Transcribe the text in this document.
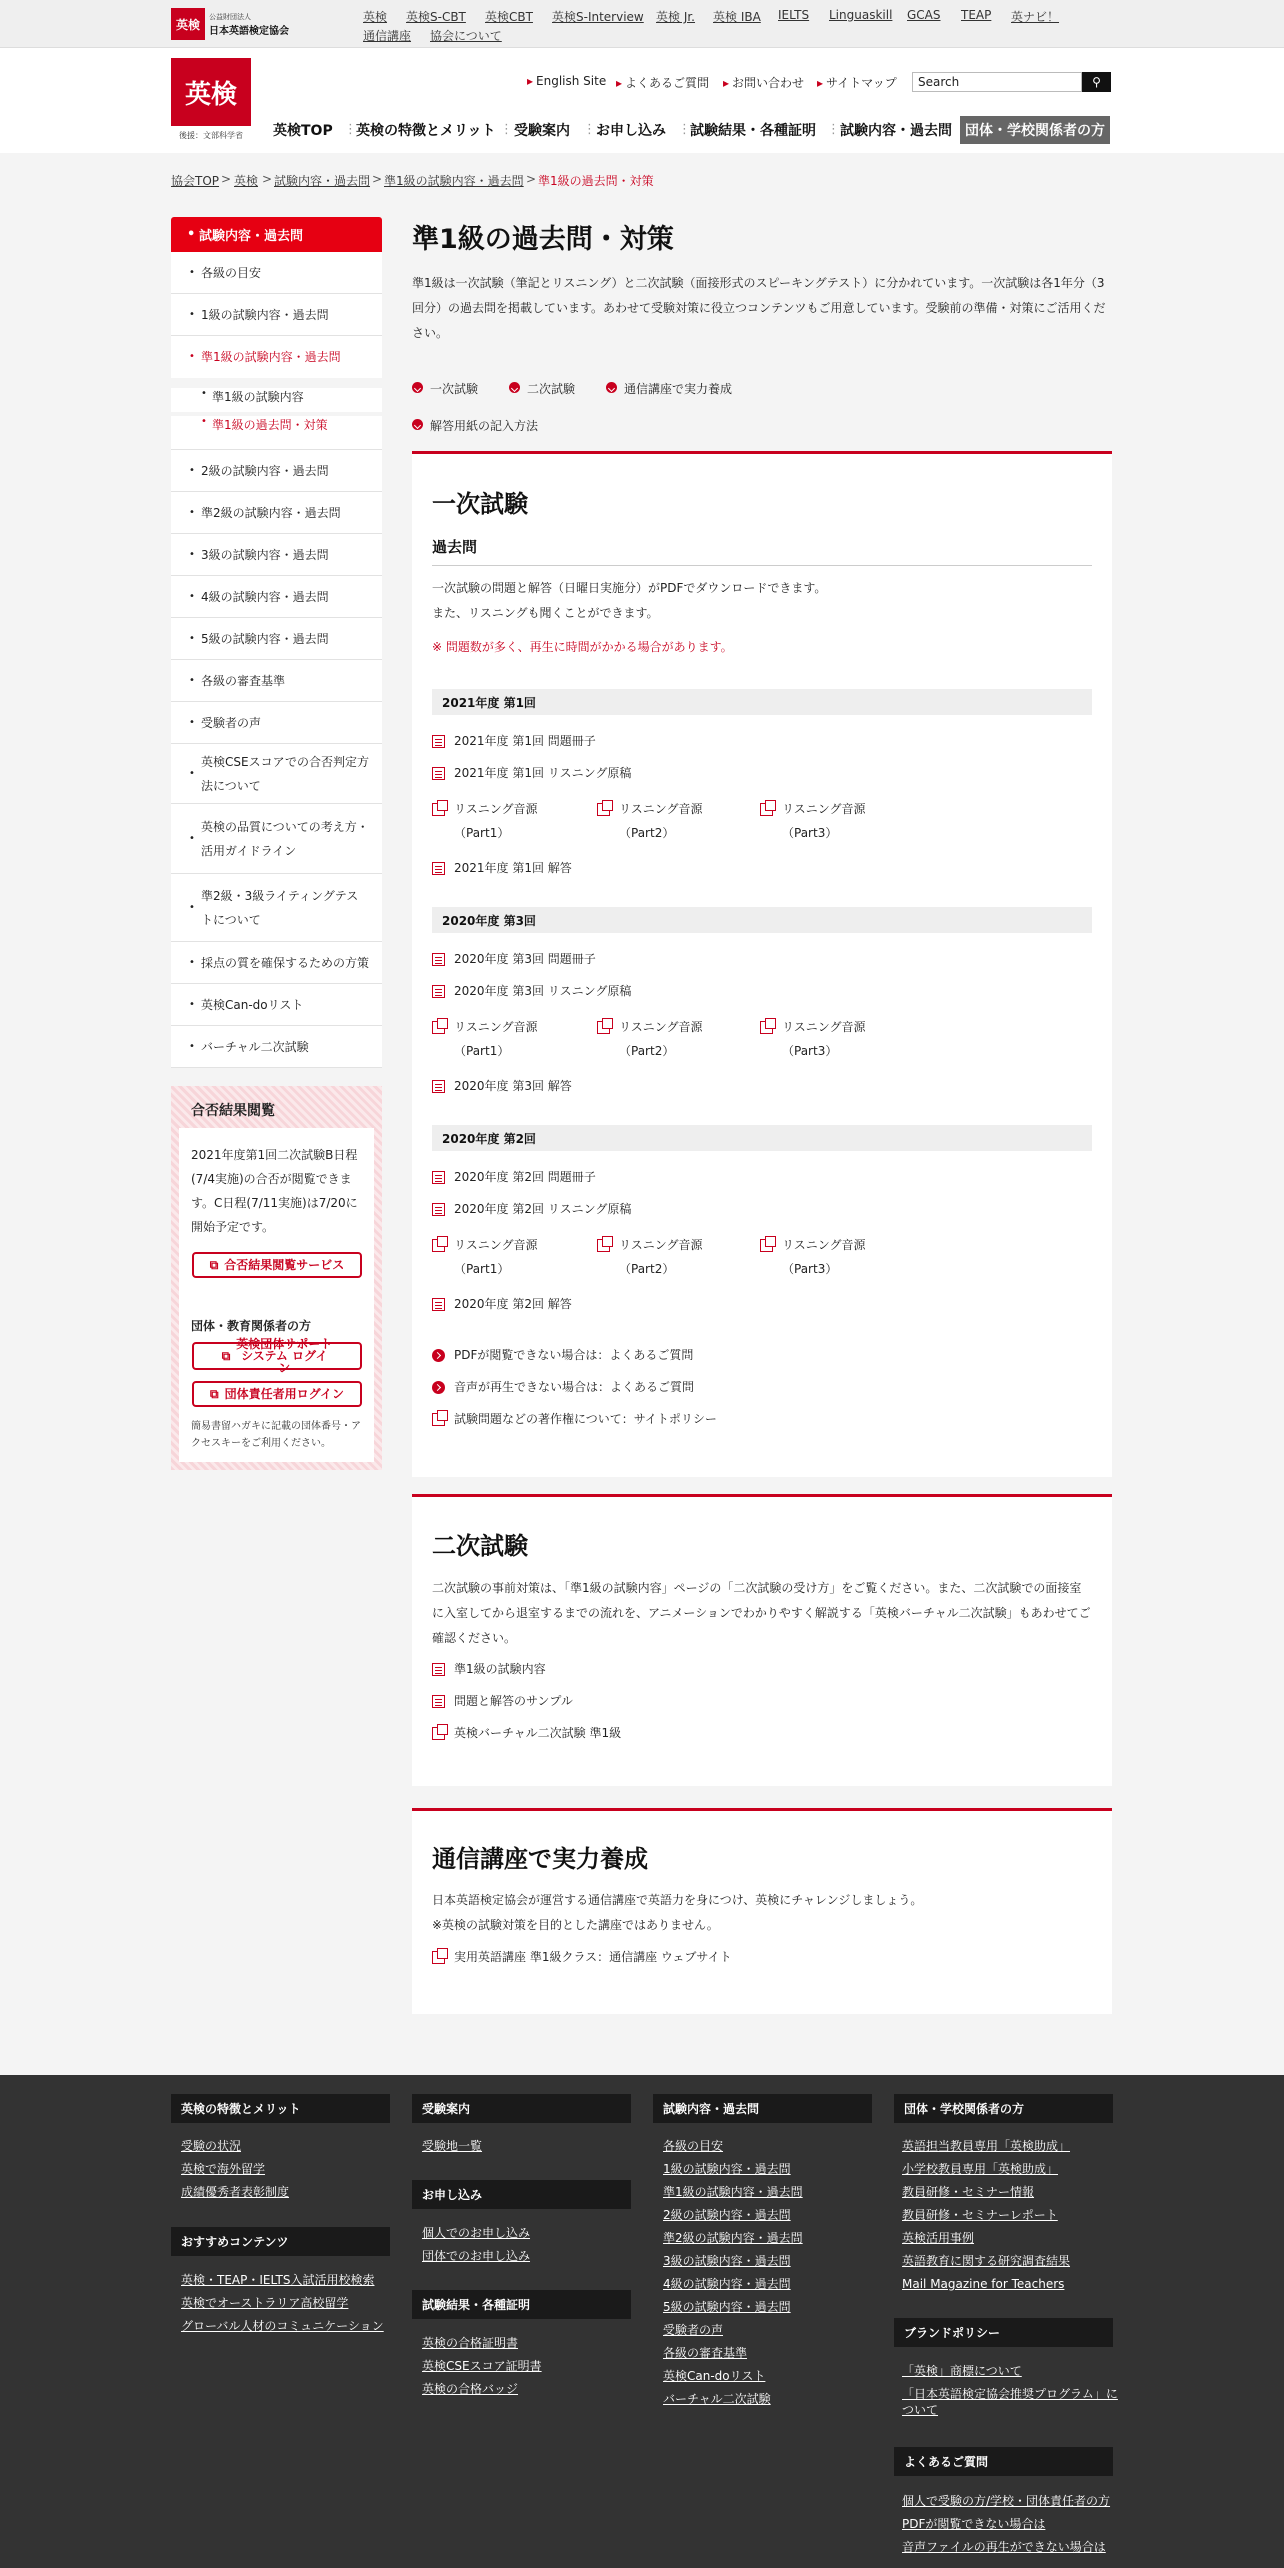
英検
公益財団法人
日本英語検定協会
英検 英検S-CBT 英検CBT 英検S-Interview 英検 Jr. 英検 IBA IELTS Linguaskill GCAS TEAP 英ナビ！
通信講座 協会について
英検
後援：文部科学省
▸ English Site	▸ よくあるご質問	▸ お問い合わせ	▸ サイトマップ	Search	⚲
英検TOP ⋮ 英検の特徴とメリット ⋮ 受験案内 ⋮ お申し込み ⋮ 試験結果・各種証明 ⋮ 試験内容・過去問 団体・学校関係者の方
協会TOP > 英検 > 試験内容・過去問 > 準1級の試験内容・過去問 > 準1級の過去問・対策
• 試験内容・過去問
• 各級の目安
• 1級の試験内容・過去問
• 準1級の試験内容・過去問
• 準1級の試験内容
• 準1級の過去問・対策
• 2級の試験内容・過去問
• 準2級の試験内容・過去問
• 3級の試験内容・過去問
• 4級の試験内容・過去問
• 5級の試験内容・過去問
• 各級の審査基準
• 受験者の声
• 英検CSEスコアでの合否判定方法について
• 英検の品質についての考え方・活用ガイドライン
• 準2級・3級ライティングテストについて
• 採点の質を確保するための方策
• 英検Can-doリスト
• バーチャル二次試験
合否結果閲覧
2021年度第1回二次試験B日程(7/4実施)の合否が閲覧できます。C日程(7/11実施)は7/20に開始予定です。
⧉ 合否結果閲覧サービス
団体・教育関係者の方
⧉
英検団体サポート システム ログイン
⧉ 団体責任者用ログイン
簡易書留ハガキに記載の団体番号・アクセスキーをご利用ください。
準1級の過去問・対策

準1級は一次試験（筆記とリスニング）と二次試験（面接形式のスピーキングテスト）に分かれています。一次試験は各1年分（3回分）の過去問を掲載しています。あわせて受験対策に役立つコンテンツもご用意しています。受験前の準備・対策にご活用ください。

一次試験	二次試験	通信講座で実力養成
解答用紙の記入方法
一次試験
過去問

一次試験の問題と解答（日曜日実施分）がPDFでダウンロードできます。

また、リスニングも聞くことができます。

※ 問題数が多く、再生に時間がかかる場合があります。

2021年度 第1回
2021年度 第1回 問題冊子
2021年度 第1回 リスニング原稿
リスニング音源
（Part1）
リスニング音源
（Part2）
リスニング音源
（Part3）
2021年度 第1回 解答
2020年度 第3回
2020年度 第3回 問題冊子
2020年度 第3回 リスニング原稿
リスニング音源
（Part1）
リスニング音源
（Part2）
リスニング音源
（Part3）
2020年度 第3回 解答
2020年度 第2回
2020年度 第2回 問題冊子
2020年度 第2回 リスニング原稿
リスニング音源
（Part1）
リスニング音源
（Part2）
リスニング音源
（Part3）
2020年度 第2回 解答
PDFが閲覧できない場合は：よくあるご質問
音声が再生できない場合は：よくあるご質問
試験問題などの著作権について：サイトポリシー
二次試験

二次試験の事前対策は、「準1級の試験内容」ページの「二次試験の受け方」をご覧ください。また、二次試験での面接室に入室してから退室するまでの流れを、アニメーションでわかりやすく解説する「英検バーチャル二次試験」もあわせてご確認ください。

準1級の試験内容
問題と解答のサンプル
英検バーチャル二次試験 準1級
通信講座で実力養成

日本英語検定協会が運営する通信講座で英語力を身につけ、英検にチャレンジしましょう。

※英検の試験対策を目的とした講座ではありません。

実用英語講座 準1級クラス：通信講座 ウェブサイト
英検の特徴とメリット
受験の状況
英検で海外留学
成績優秀者表彰制度
おすすめコンテンツ
英検・TEAP・IELTS入試活用校検索
英検でオーストラリア高校留学
グローバル人材のコミュニケーション
受験案内
受験地一覧
お申し込み
個人でのお申し込み
団体でのお申し込み
試験結果・各種証明
英検の合格証明書
英検CSEスコア証明書
英検の合格バッジ
試験内容・過去問
各級の目安
1級の試験内容・過去問
準1級の試験内容・過去問
2級の試験内容・過去問
準2級の試験内容・過去問
3級の試験内容・過去問
4級の試験内容・過去問
5級の試験内容・過去問
受験者の声
各級の審査基準
英検Can-doリスト
バーチャル二次試験
団体・学校関係者の方
英語担当教員専用「英検助成」
小学校教員専用「英検助成」
教員研修・セミナー情報
教員研修・セミナーレポート
英検活用事例
英語教育に関する研究調査結果
Mail Magazine for Teachers
ブランドポリシー
「英検」商標について
「日本英語検定協会推奨プログラム」について
よくあるご質問
個人で受験の方/学校・団体責任者の方
PDFが閲覧できない場合は
音声ファイルの再生ができない場合は
